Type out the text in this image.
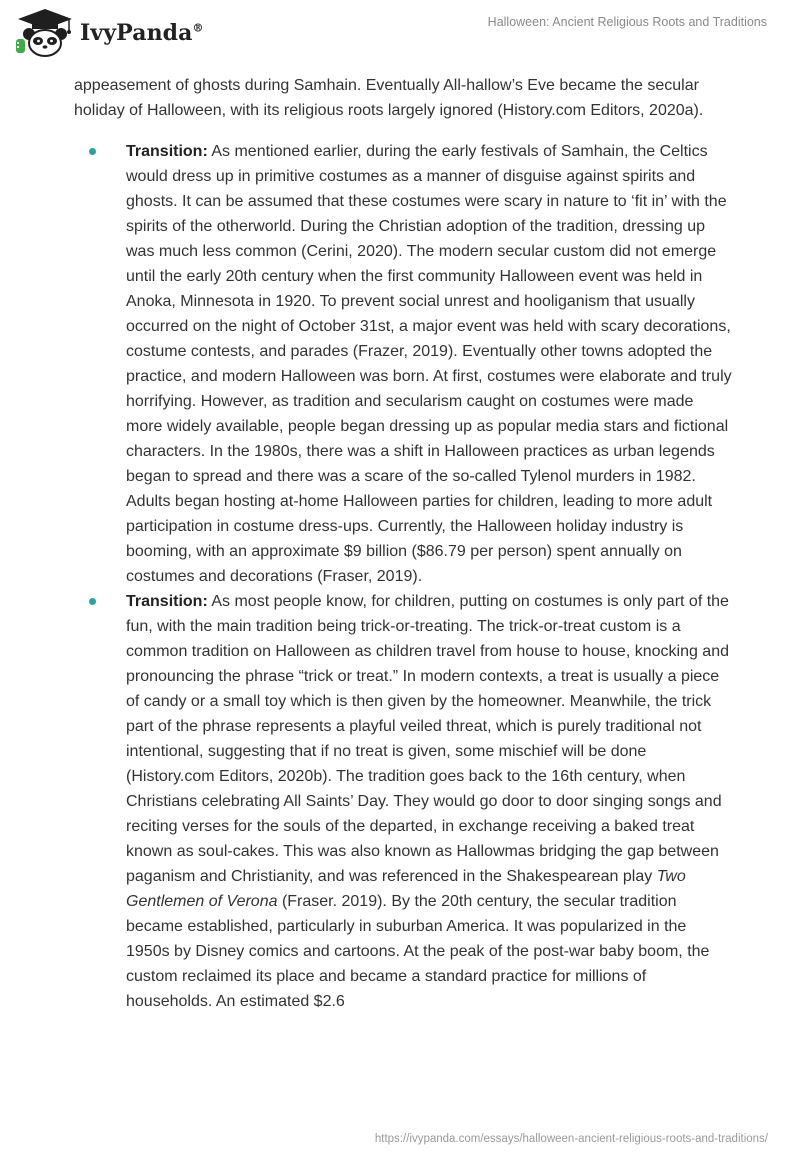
IvyPanda®	Halloween: Ancient Religious Roots and Traditions

appeasement of ghosts during Samhain. Eventually All-hallow’s Eve became the secular holiday of Halloween, with its religious roots largely ignored (History.com Editors, 2020a).

Transition: As mentioned earlier, during the early festivals of Samhain, the Celtics would dress up in primitive costumes as a manner of disguise against spirits and ghosts. It can be assumed that these costumes were scary in nature to ‘fit in’ with the spirits of the otherworld. During the Christian adoption of the tradition, dressing up was much less common (Cerini, 2020). The modern secular custom did not emerge until the early 20th century when the first community Halloween event was held in Anoka, Minnesota in 1920. To prevent social unrest and hooliganism that usually occurred on the night of October 31st, a major event was held with scary decorations, costume contests, and parades (Frazer, 2019). Eventually other towns adopted the practice, and modern Halloween was born. At first, costumes were elaborate and truly horrifying. However, as tradition and secularism caught on costumes were made more widely available, people began dressing up as popular media stars and fictional characters. In the 1980s, there was a shift in Halloween practices as urban legends began to spread and there was a scare of the so-called Tylenol murders in 1982. Adults began hosting at-home Halloween parties for children, leading to more adult participation in costume dress-ups. Currently, the Halloween holiday industry is booming, with an approximate $9 billion ($86.79 per person) spent annually on costumes and decorations (Fraser, 2019).
Transition: As most people know, for children, putting on costumes is only part of the fun, with the main tradition being trick-or-treating. The trick-or-treat custom is a common tradition on Halloween as children travel from house to house, knocking and pronouncing the phrase “trick or treat.” In modern contexts, a treat is usually a piece of candy or a small toy which is then given by the homeowner. Meanwhile, the trick part of the phrase represents a playful veiled threat, which is purely traditional not intentional, suggesting that if no treat is given, some mischief will be done (History.com Editors, 2020b). The tradition goes back to the 16th century, when Christians celebrating All Saints’ Day. They would go door to door singing songs and reciting verses for the souls of the departed, in exchange receiving a baked treat known as soul-cakes. This was also known as Hallowmas bridging the gap between paganism and Christianity, and was referenced in the Shakespearean play Two Gentlemen of Verona (Fraser. 2019). By the 20th century, the secular tradition became established, particularly in suburban America. It was popularized in the 1950s by Disney comics and cartoons. At the peak of the post-war baby boom, the custom reclaimed its place and became a standard practice for millions of households. An estimated $2.6
https://ivypanda.com/essays/halloween-ancient-religious-roots-and-traditions/
